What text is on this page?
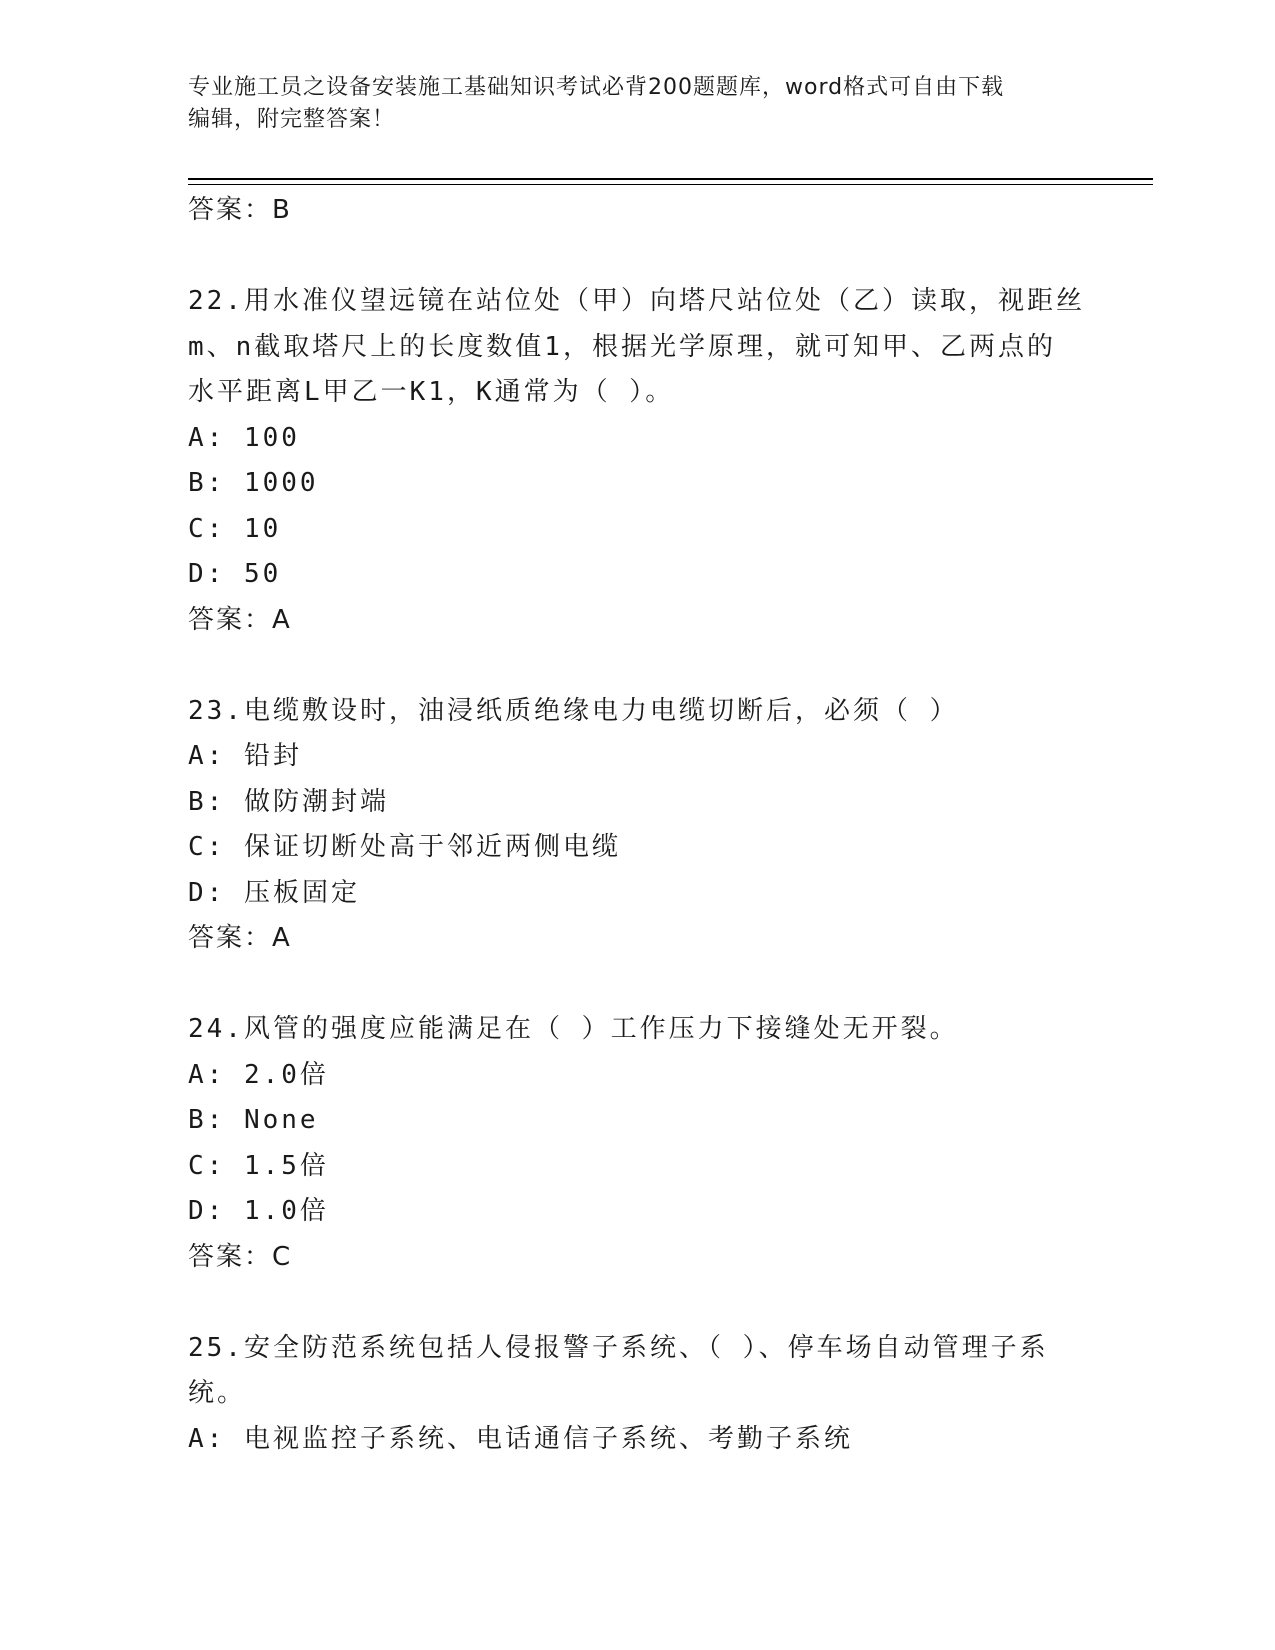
专业施工员之设备安装施工基础知识考试必背200题题库，word格式可自由下载
编辑，附完整答案！
答案：B
22.用水准仪望远镜在站位处（甲）向塔尺站位处（乙）读取，视距丝
m、n截取塔尺上的长度数值1，根据光学原理，就可知甲、乙两点的
水平距离L甲乙一K1，K通常为（ ）。
A: 100
B: 1000
C: 10
D: 50
答案：A
23.电缆敷设时，油浸纸质绝缘电力电缆切断后，必须（ ）
A: 铅封
B: 做防潮封端
C: 保证切断处高于邻近两侧电缆
D: 压板固定
答案：A
24.风管的强度应能满足在（ ）工作压力下接缝处无开裂。
A: 2.0倍
B: None
C: 1.5倍
D: 1.0倍
答案：C
25.安全防范系统包括人侵报警子系统、（ ）、停车场自动管理子系
统。
A: 电视监控子系统、电话通信子系统、考勤子系统
